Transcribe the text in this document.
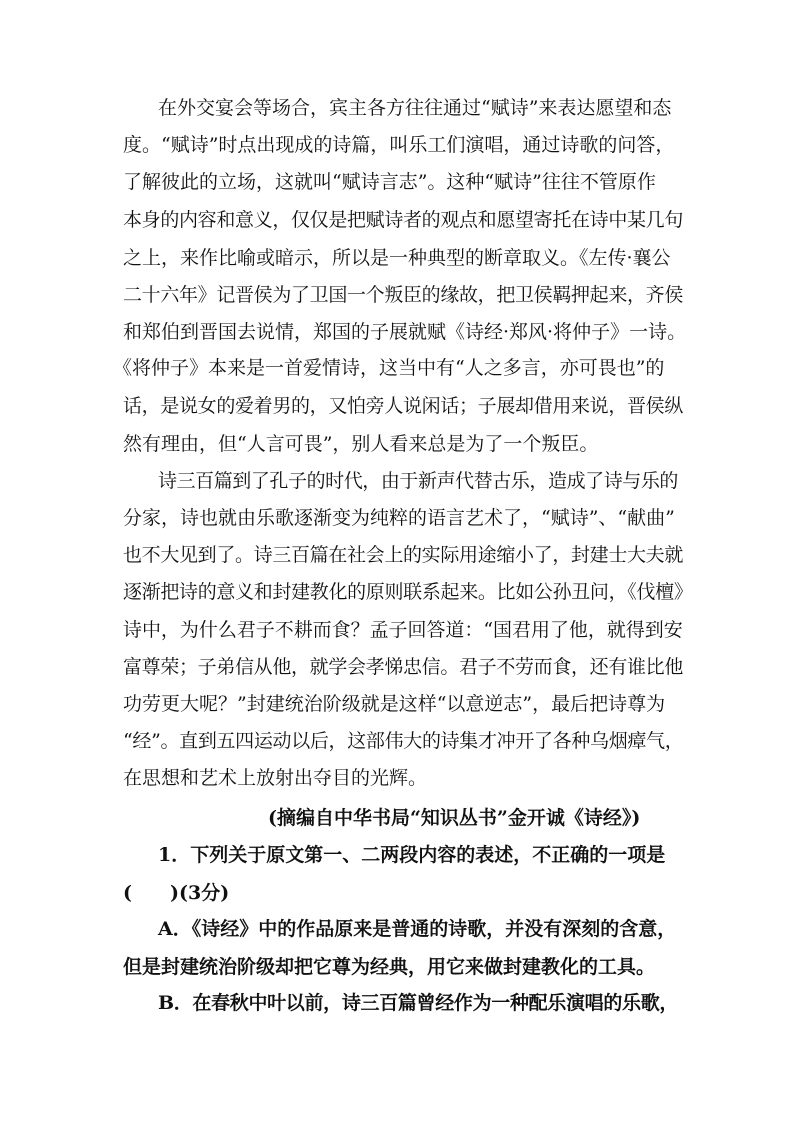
在外交宴会等场合，宾主各方往往通过“赋诗”来表达愿望和态
度。“赋诗”时点出现成的诗篇，叫乐工们演唱，通过诗歌的问答，
了解彼此的立场，这就叫“赋诗言志”。这种“赋诗”往往不管原作
本身的内容和意义，仅仅是把赋诗者的观点和愿望寄托在诗中某几句
之上，来作比喻或暗示，所以是一种典型的断章取义。《左传·襄公
二十六年》记晋侯为了卫国一个叛臣的缘故，把卫侯羁押起来，齐侯
和郑伯到晋国去说情，郑国的子展就赋《诗经·郑风·将仲子》一诗。
《将仲子》本来是一首爱情诗，这当中有“人之多言，亦可畏也”的
话，是说女的爱着男的，又怕旁人说闲话；子展却借用来说，晋侯纵
然有理由，但“人言可畏”，别人看来总是为了一个叛臣。
诗三百篇到了孔子的时代，由于新声代替古乐，造成了诗与乐的
分家，诗也就由乐歌逐渐变为纯粹的语言艺术了，“赋诗”、“献曲”
也不大见到了。诗三百篇在社会上的实际用途缩小了，封建士大夫就
逐渐把诗的意义和封建教化的原则联系起来。比如公孙丑问，《伐檀》
诗中，为什么君子不耕而食？孟子回答道：“国君用了他，就得到安
富尊荣；子弟信从他，就学会孝悌忠信。君子不劳而食，还有谁比他
功劳更大呢？”封建统治阶级就是这样“以意逆志”，最后把诗尊为
“经”。直到五四运动以后，这部伟大的诗集才冲开了各种乌烟瘴气，
在思想和艺术上放射出夺目的光辉。
(摘编自中华书局“知识丛书”金开诚《诗经》)
1．下列关于原文第一、二两段内容的表述，不正确的一项是
(　　)(3分)
A．《诗经》中的作品原来是普通的诗歌，并没有深刻的含意，
但是封建统治阶级却把它尊为经典，用它来做封建教化的工具。
B．在春秋中叶以前，诗三百篇曾经作为一种配乐演唱的乐歌，
